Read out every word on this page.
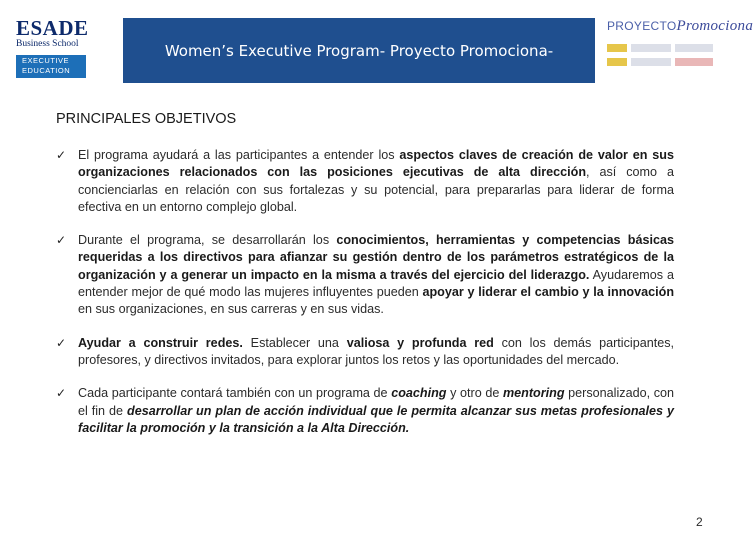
ESADE
Business School
EXECUTIVE
EDUCATION
Women’s Executive Program- Proyecto Promociona-
PROYECTOPromociona
PRINCIPALES OBJETIVOS
✓ El programa ayudará a las participantes a entender los aspectos claves de creación de valor en sus organizaciones relacionados con las posiciones ejecutivas de alta dirección, así como a concienciarlas en relación con sus fortalezas y su potencial, para prepararlas para liderar de forma efectiva en un entorno complejo global.
✓ Durante el programa, se desarrollarán los conocimientos, herramientas y competencias básicas requeridas a los directivos para afianzar su gestión dentro de los parámetros estratégicos de la organización y a generar un impacto en la misma a través del ejercicio del liderazgo. Ayudaremos a entender mejor de qué modo las mujeres influyentes pueden apoyar y liderar el cambio y la innovación en sus organizaciones, en sus carreras y en sus vidas.
✓ Ayudar a construir redes. Establecer una valiosa y profunda red con los demás participantes, profesores, y directivos invitados, para explorar juntos los retos y las oportunidades del mercado.
✓ Cada participante contará también con un programa de coaching y otro de mentoring personalizado, con el fin de desarrollar un plan de acción individual que le permita alcanzar sus metas profesionales y facilitar la promoción y la transición a la Alta Dirección.
2
